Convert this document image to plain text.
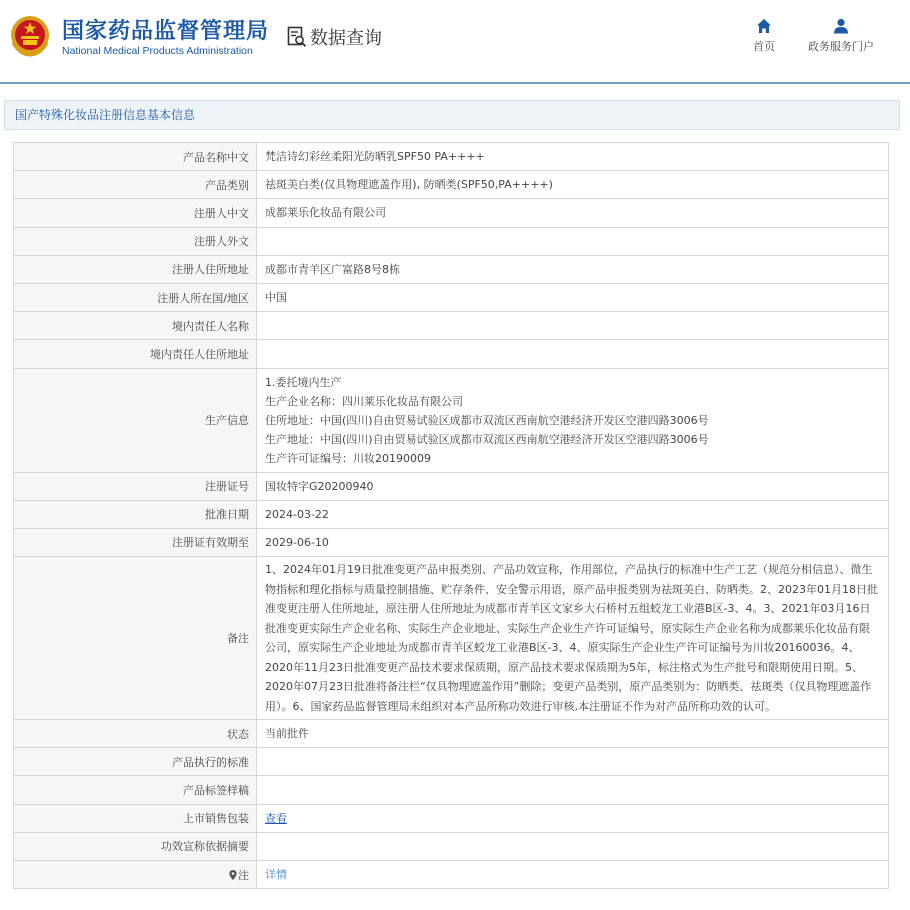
国家药品监督管理局
National Medical Products Administration
数据查询	首页	政务服务门户
国产特殊化妆品注册信息基本信息
产品名称中文	梵洁诗幻彩丝柔阳光防晒乳SPF50 PA++++
产品类别	祛斑美白类(仅具物理遮盖作用), 防晒类(SPF50,PA++++)
注册人中文	成都莱乐化妆品有限公司
注册人外文	
注册人住所地址	成都市青羊区广富路8号8栋
注册人所在国/地区	中国
境内责任人名称	
境内责任人住所地址	
生产信息	1.委托境内生产
生产企业名称：四川莱乐化妆品有限公司
住所地址：中国(四川)自由贸易试验区成都市双流区西南航空港经济开发区空港四路3006号
生产地址：中国(四川)自由贸易试验区成都市双流区西南航空港经济开发区空港四路3006号
生产许可证编号：川妆20190009

注册证号	国妆特字G20200940
批准日期	2024-03-22
注册证有效期至	2029-06-10
备注	1、2024年01月19日批准变更产品申报类别、产品功效宣称，作用部位，产品执行的标准中生产工艺（规范分相信息）、微生物指标和理化指标与质量控制措施、贮存条件、安全警示用语，原产品申报类别为祛斑美白、防晒类。2、2023年01月18日批准变更注册人住所地址，原注册人住所地址为成都市青羊区文家乡大石桥村五组蛟龙工业港B区-3、4。3、2021年03月16日批准变更实际生产企业名称、实际生产企业地址、实际生产企业生产许可证编号，原实际生产企业名称为成都莱乐化妆品有限公司，原实际生产企业地址为成都市青羊区蛟龙工业港B区-3、4、原实际生产企业生产许可证编号为川妆20160036。4、2020年11月23日批准变更产品技术要求保质期，原产品技术要求保质期为5年，标注格式为生产批号和限期使用日期。5、2020年07月23日批准将备注栏“仅具物理遮盖作用”删除；变更产品类别，原产品类别为：防晒类、祛斑类（仅具物理遮盖作用）。6、国家药品监督管理局未组织对本产品所称功效进行审核,本注册证不作为对产品所称功效的认可。
状态	当前批件
产品执行的标准	
产品标签样稿	
上市销售包装	查看
功效宣称依据摘要	
注	详情
